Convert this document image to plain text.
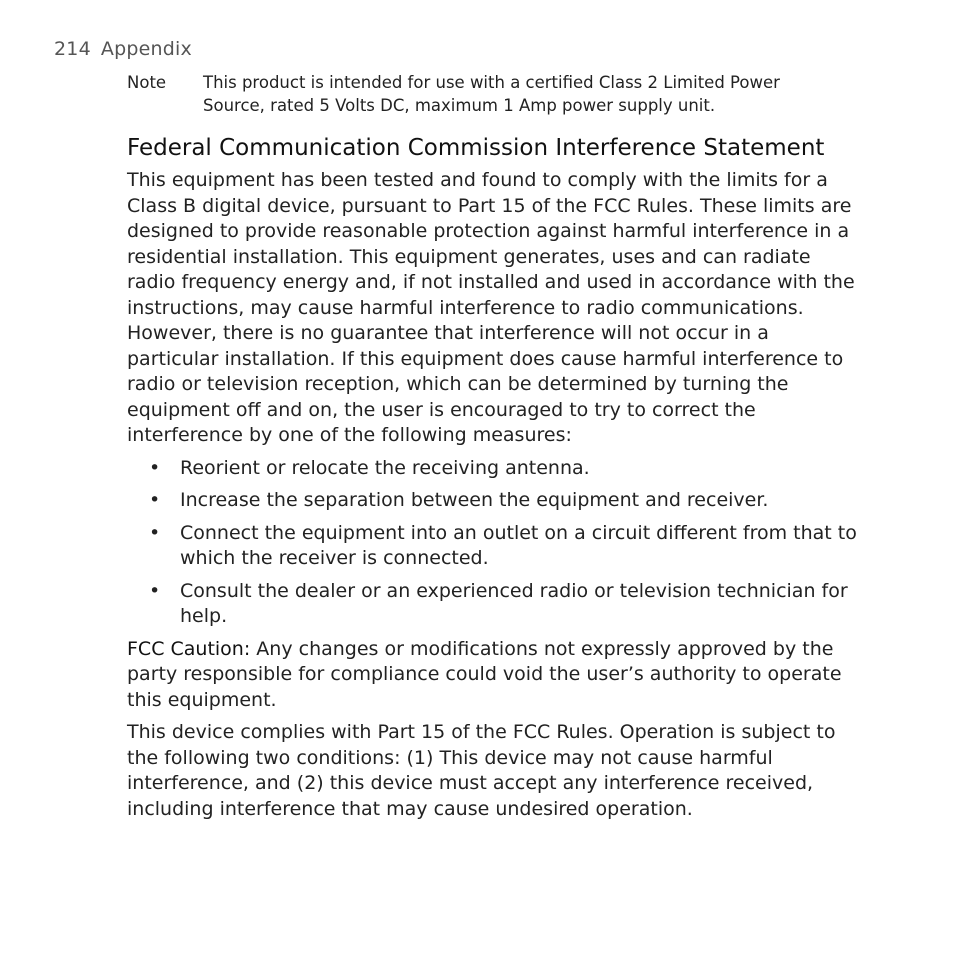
214 Appendix
Note This product is intended for use with a certified Class 2 Limited Power Source, rated 5 Volts DC, maximum 1 Amp power supply unit.
Federal Communication Commission Interference Statement

This equipment has been tested and found to comply with the limits for a Class B digital device, pursuant to Part 15 of the FCC Rules. These limits are designed to provide reasonable protection against harmful interference in a residential installation. This equipment generates, uses and can radiate radio frequency energy and, if not installed and used in accordance with the instructions, may cause harmful interference to radio communications. However, there is no guarantee that interference will not occur in a particular installation. If this equipment does cause harmful interference to radio or television reception, which can be determined by turning the equipment off and on, the user is encouraged to try to correct the interference by one of the following measures:

• Reorient or relocate the receiving antenna.
• Increase the separation between the equipment and receiver.
• Connect the equipment into an outlet on a circuit different from that to which the receiver is connected.
• Consult the dealer or an experienced radio or television technician for help.

FCC Caution: Any changes or modifications not expressly approved by the party responsible for compliance could void the user’s authority to operate this equipment.

This device complies with Part 15 of the FCC Rules. Operation is subject to the following two conditions: (1) This device may not cause harmful interference, and (2) this device must accept any interference received, including interference that may cause undesired operation.
